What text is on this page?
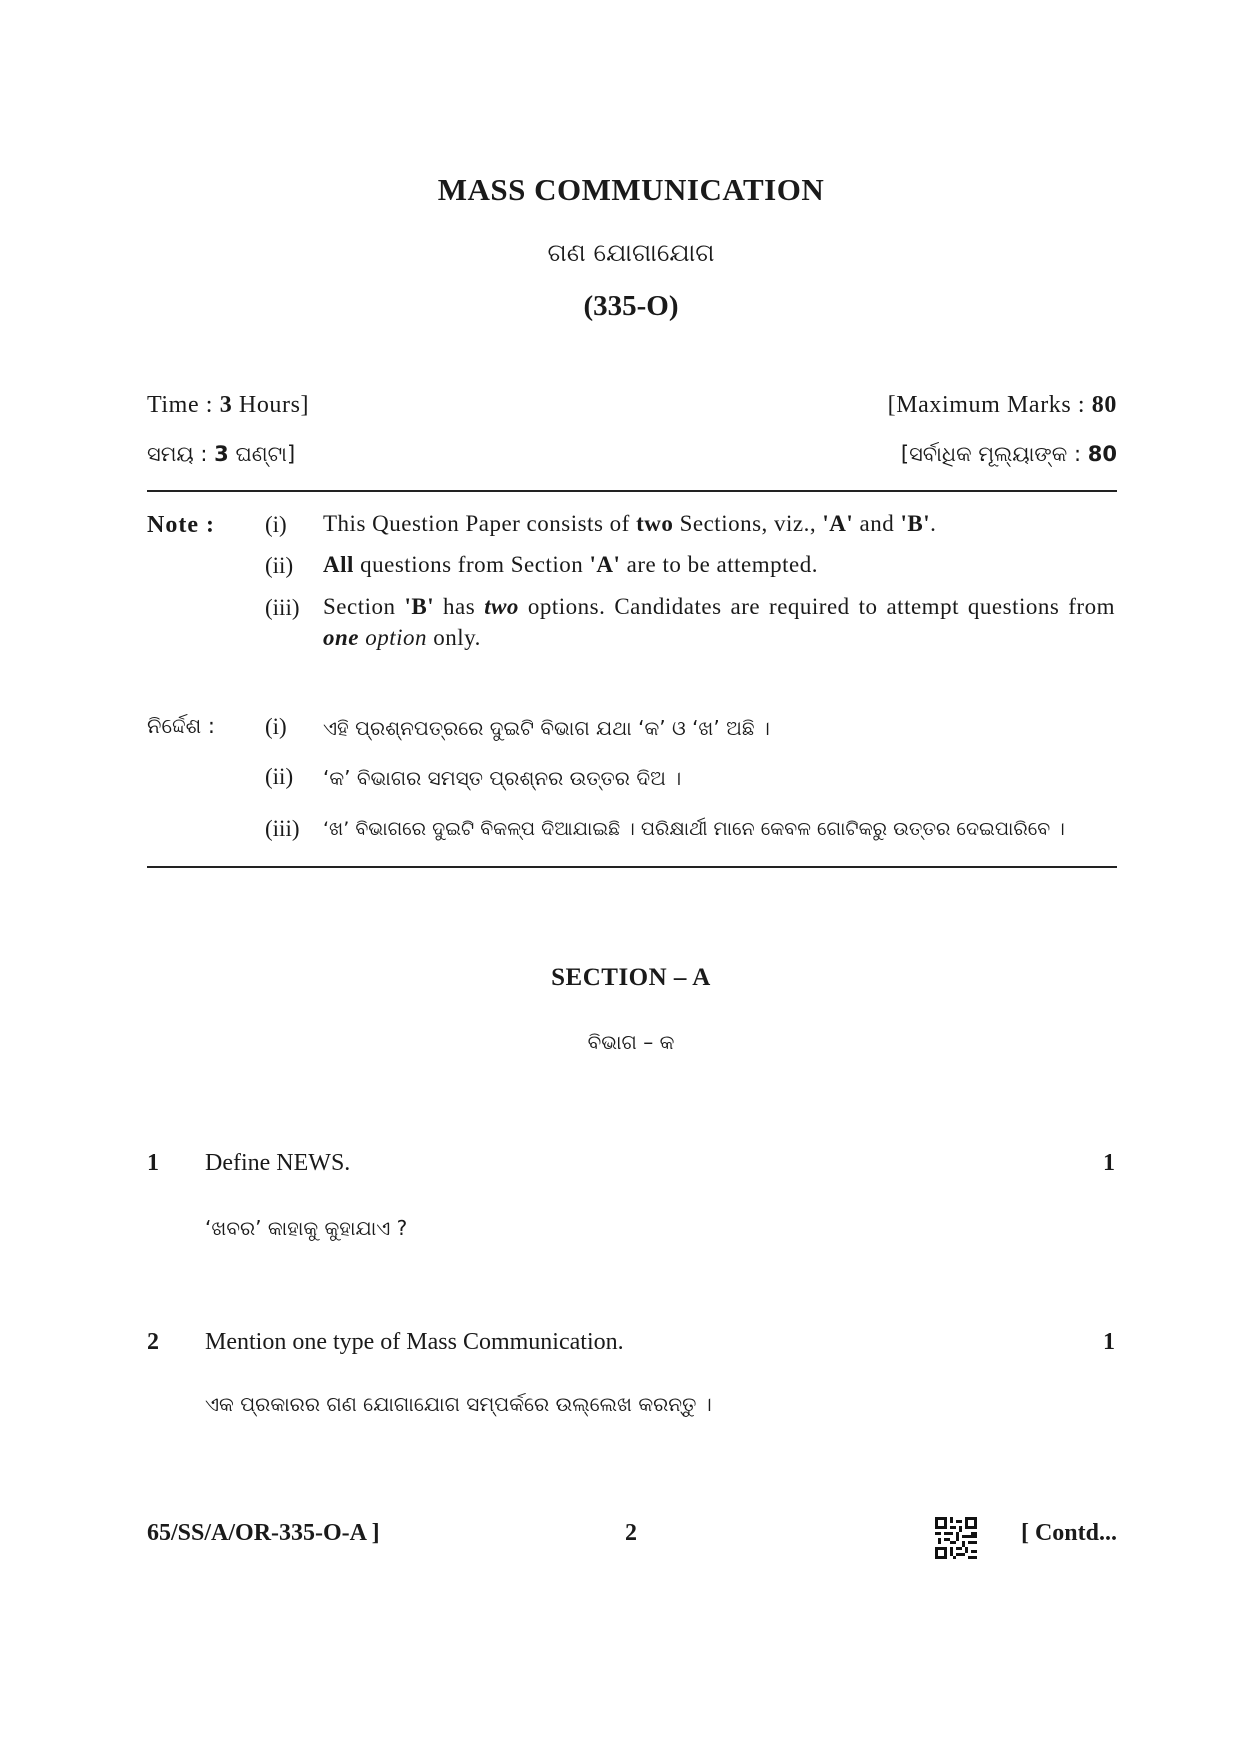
MASS COMMUNICATION
ଗଣ ଯୋଗାଯୋଗ
(335-O)
Time : 3 Hours]	[Maximum Marks : 80
ସମୟ : 3 ଘଣ୍ଟା]	[ସର୍ବାଧିକ ମୂଲ୍ୟାଙ୍କ : 80
Note : (i) This Question Paper consists of two Sections, viz., 'A' and 'B'.
(ii) All questions from Section 'A' are to be attempted.
(iii) Section 'B' has two options. Candidates are required to attempt questions from one option only.
ନିର୍ଦ୍ଦେଶ : (i) ଏହି ପ୍ରଶ୍ନପତ୍ରରେ ଦୁଇଟି ବିଭାଗ ଯଥା ‘କ’ ଓ ‘ଖ’ ଅଛି ।
(ii) ‘କ’ ବିଭାଗର ସମସ୍ତ ପ୍ରଶ୍ନର ଉତ୍ତର ଦିଅ ।
(iii) ‘ଖ’ ବିଭାଗରେ ଦୁଇଟି ବିକଳ୍ପ ଦିଆଯାଇଛି । ପରିକ୍ଷାର୍ଥୀ ମାନେ କେବଳ ଗୋଟିକରୁ ଉତ୍ତର ଦେଇପାରିବେ ।
SECTION – A
ବିଭାଗ – କ
1 Define NEWS.	1
‘ଖବର’ କାହାକୁ କୁହାଯାଏ ?
2 Mention one type of Mass Communication.	1
ଏକ ପ୍ରକାରର ଗଣ ଯୋଗାଯୋଗ ସମ୍ପର୍କରେ ଉଲ୍ଲେଖ କରନ୍ତୁ ।
65/SS/A/OR-335-O-A ]	2	[ Contd...
